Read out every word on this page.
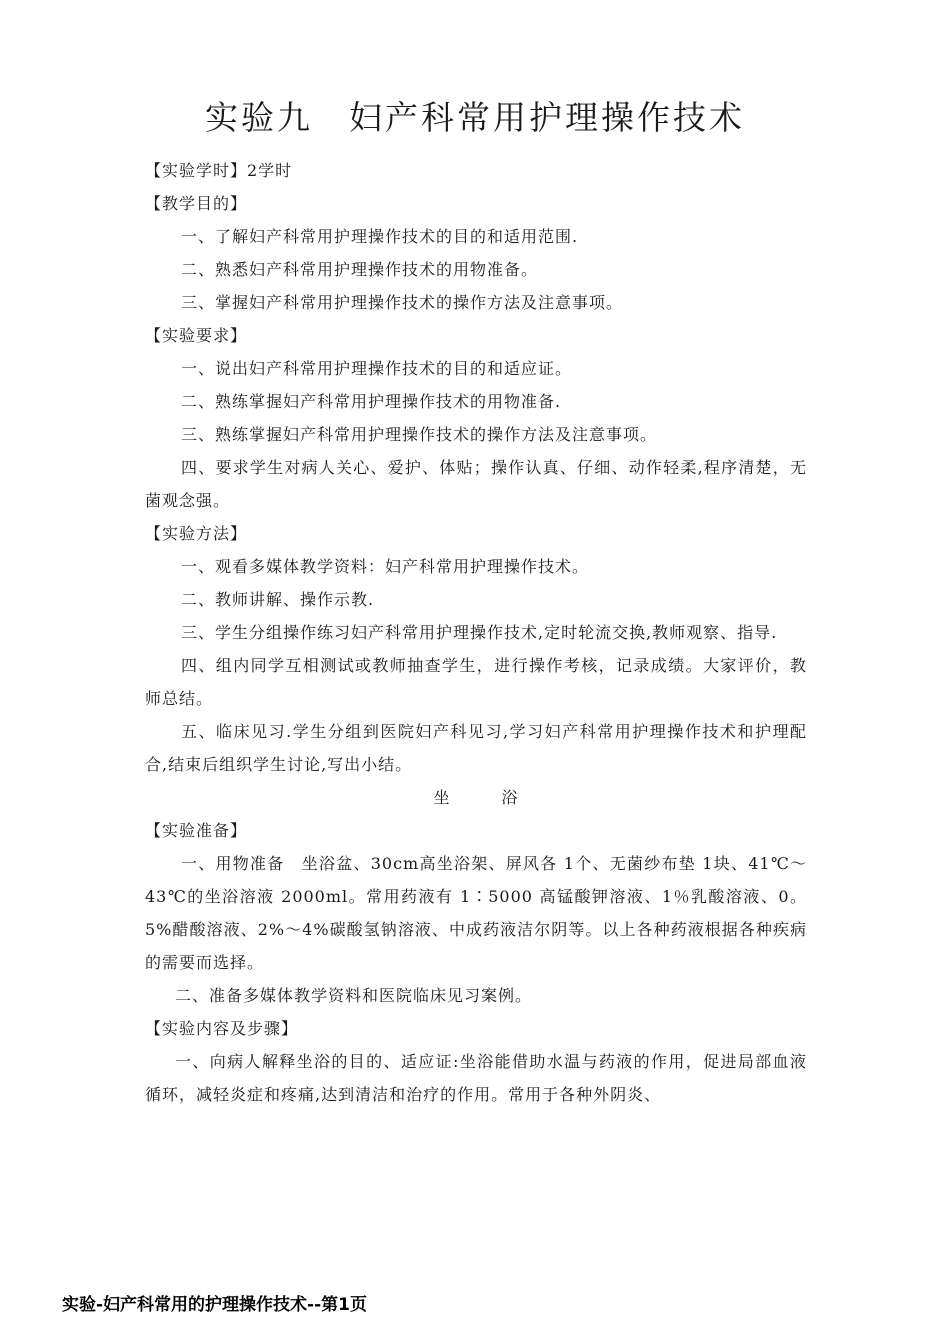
实验九　妇产科常用护理操作技术

【实验学时】2学时

【教学目的】

一、了解妇产科常用护理操作技术的目的和适用范围.

二、熟悉妇产科常用护理操作技术的用物准备。

三、掌握妇产科常用护理操作技术的操作方法及注意事项。

【实验要求】

一、说出妇产科常用护理操作技术的目的和适应证。

二、熟练掌握妇产科常用护理操作技术的用物准备.

三、熟练掌握妇产科常用护理操作技术的操作方法及注意事项。

四、要求学生对病人关心、爱护、体贴；操作认真、仔细、动作轻柔,程序清楚，无菌观念强。

【实验方法】

一、观看多媒体教学资料：妇产科常用护理操作技术。

二、教师讲解、操作示教.

三、学生分组操作练习妇产科常用护理操作技术,定时轮流交换,教师观察、指导.

四、组内同学互相测试或教师抽查学生，进行操作考核，记录成绩。大家评价，教师总结。

五、临床见习.学生分组到医院妇产科见习,学习妇产科常用护理操作技术和护理配合,结束后组织学生讨论,写出小结。

坐　　　浴

【实验准备】

一、用物准备　坐浴盆、30cm高坐浴架、屏风各 1个、无菌纱布垫 1块、41℃～43℃的坐浴溶液 2000ml。常用药液有 1∶5000 高锰酸钾溶液、1％乳酸溶液、0。5%醋酸溶液、2%～4%碳酸氢钠溶液、中成药液洁尔阴等。以上各种药液根据各种疾病的需要而选择。

二、准备多媒体教学资料和医院临床见习案例。

【实验内容及步骤】

一、向病人解释坐浴的目的、适应证:坐浴能借助水温与药液的作用，促进局部血液循环，减轻炎症和疼痛,达到清洁和治疗的作用。常用于各种外阴炎、

实验-妇产科常用的护理操作技术--第1页
